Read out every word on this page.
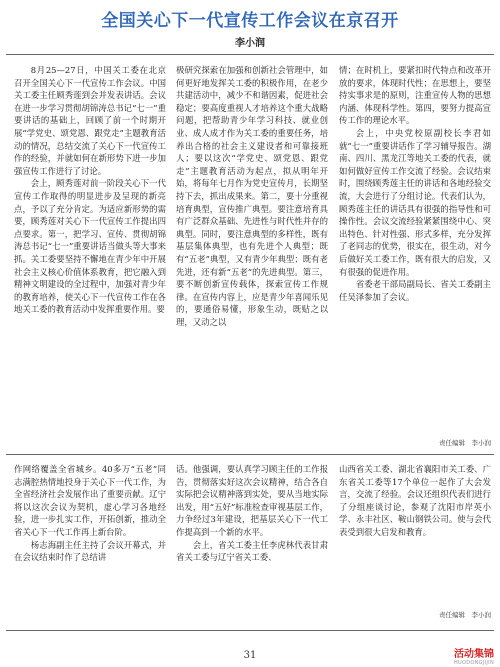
全国关心下一代宣传工作会议在京召开
李小润

8月25—27日，中国关工委在北京召开全国关心下一代宣传工作会议。中国关工委主任顾秀莲到会并发表讲话。会议在进一步学习贯彻胡锦涛总书记“七一”重要讲话的基础上，回顾了前一个时期开展“学党史、颂党恩、跟党走”主题教育活动的情况，总结交流了关心下一代宣传工作的经验，并就如何在新形势下进一步加强宣传工作进行了讨论。

会上，顾秀莲对前一阶段关心下一代宣传工作取得的明显进步及呈现的新亮点，予以了充分肯定。为适应新形势的需要，顾秀莲对关心下一代宣传工作提出四点要求。第一，把学习、宣传、贯彻胡锦涛总书记“七一”重要讲话当做头等大事来抓。关工委要坚持不懈地在青少年中开展社会主义核心价值体系教育，把它融入到精神文明建设的全过程中，加强对青少年的教育培养，使关心下一代宣传工作在各地关工委的教育活动中发挥重要作用。要

极研究探索在加强和创新社会管理中，如何更好地发挥关工委的积极作用，在老少共建活动中，减少不和谐因素，促进社会稳定；要高度重视人才培养这个重大战略问题，把帮助青少年学习科技、就业创业、成人成才作为关工委的重要任务，培养出合格的社会主义建设者和可靠接班人；要以这次“学党史、颂党恩、跟党走”主题教育活动为起点，拟从明年开始，将每年七月作为党史宣传月，长期坚持下去，抓出成果来。第二，要十分重视培育典型，宣传推广典型。要注意培育具有广泛群众基础、先进性与时代性并存的典型。同时，要注意典型的多样性，既有基层集体典型，也有先进个人典型；既有“五老”典型，又有青少年典型；既有老先进，还有新“五老”的先进典型。第三，要不断创新宣传载体，探索宣传工作规律。在宣传内容上，应是青少年喜闻乐见的，要通俗易懂，形象生动，既贴之以理，又动之以

情；在时机上，要紧扣时代特点和改革开放的要求，体现时代性；在思想上，要坚持实事求是的原则，注重宣传人物的思想内涵、体现科学性。第四，要努力提高宣传工作的理论水平。

会上，中央党校原副校长李君如就“七一”重要讲话作了学习辅导报告。湖南、四川、黑龙江等地关工委的代表，就如何做好宣传工作交流了经验。会议结束时，围绕顾秀莲主任的讲话和各地经验交流，大会进行了分组讨论。代表们认为，顾秀莲主任的讲话具有很强的指导性和可操作性。会议交流经验紧紧围绕中心、突出特色、针对性强、形式多样，充分发挥了老同志的优势，很实在，很生动，对今后做好关工委工作，既有很大的启发，又有很强的促进作用。

省委老干部局副局长、省关工委副主任吴泽参加了会议。

责任编辑　李小润

作网络覆盖全省城乡。40多万“五老”同志满腔热情地投身于关心下一代工作，为全省经济社会发展作出了重要贡献。辽宁将以这次会议为契机，虚心学习各地经验，进一步扎实工作，开拓创新，推动全省关心下一代工作再上新台阶。

杨志海副主任主持了会议开幕式，并在会议结束时作了总结讲

话。他强调，要认真学习顾主任的工作报告，贯彻落实好这次会议精神，结合各自实际把会议精神落到实处，要从当地实际出发，用“五好”标准检查审视基层工作，力争经过3年建设，把基层关心下一代工作提高到一个新的水平。

会上，省关工委主任李虎林代表甘肃省关工委与辽宁省关工委、

山西省关工委、湖北省襄阳市关工委、广东省关工委等17个单位一起作了大会发言，交流了经验。会议还组织代表们进行了分组座谈讨论，参观了沈阳市岸英小学、永丰社区、鞍山钢铁公司。使与会代表受到很大启发和教育。

责任编辑　李小润
31	活动集锦
HUODONGJIJIN
